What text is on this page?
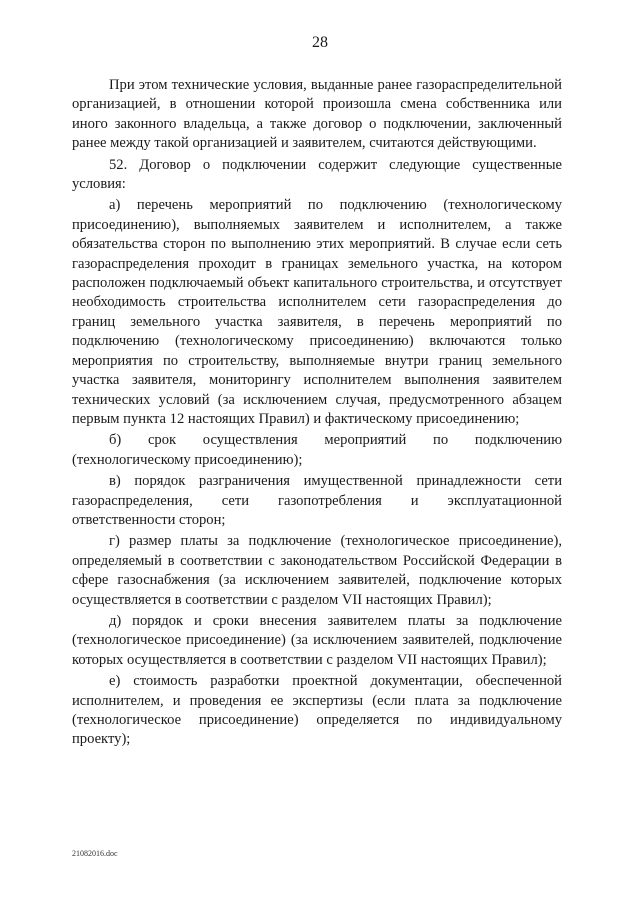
28

При этом технические условия, выданные ранее газораспределительной организацией, в отношении которой произошла смена собственника или иного законного владельца, а также договор о подключении, заключенный ранее между такой организацией и заявителем, считаются действующими.

52. Договор о подключении содержит следующие существенные условия:

а) перечень мероприятий по подключению (технологическому присоединению), выполняемых заявителем и исполнителем, а также обязательства сторон по выполнению этих мероприятий. В случае если сеть газораспределения проходит в границах земельного участка, на котором расположен подключаемый объект капитального строительства, и отсутствует необходимость строительства исполнителем сети газораспределения до границ земельного участка заявителя, в перечень мероприятий по подключению (технологическому присоединению) включаются только мероприятия по строительству, выполняемые внутри границ земельного участка заявителя, мониторингу исполнителем выполнения заявителем технических условий (за исключением случая, предусмотренного абзацем первым пункта 12 настоящих Правил) и фактическому присоединению;

б) срок осуществления мероприятий по подключению (технологическому присоединению);

в) порядок разграничения имущественной принадлежности сети газораспределения, сети газопотребления и эксплуатационной ответственности сторон;

г) размер платы за подключение (технологическое присоединение), определяемый в соответствии с законодательством Российской Федерации в сфере газоснабжения (за исключением заявителей, подключение которых осуществляется в соответствии с разделом VII настоящих Правил);

д) порядок и сроки внесения заявителем платы за подключение (технологическое присоединение) (за исключением заявителей, подключение которых осуществляется в соответствии с разделом VII настоящих Правил);

е) стоимость разработки проектной документации, обеспеченной исполнителем, и проведения ее экспертизы (если плата за подключение (технологическое присоединение) определяется по индивидуальному проекту);

21082016.doc
